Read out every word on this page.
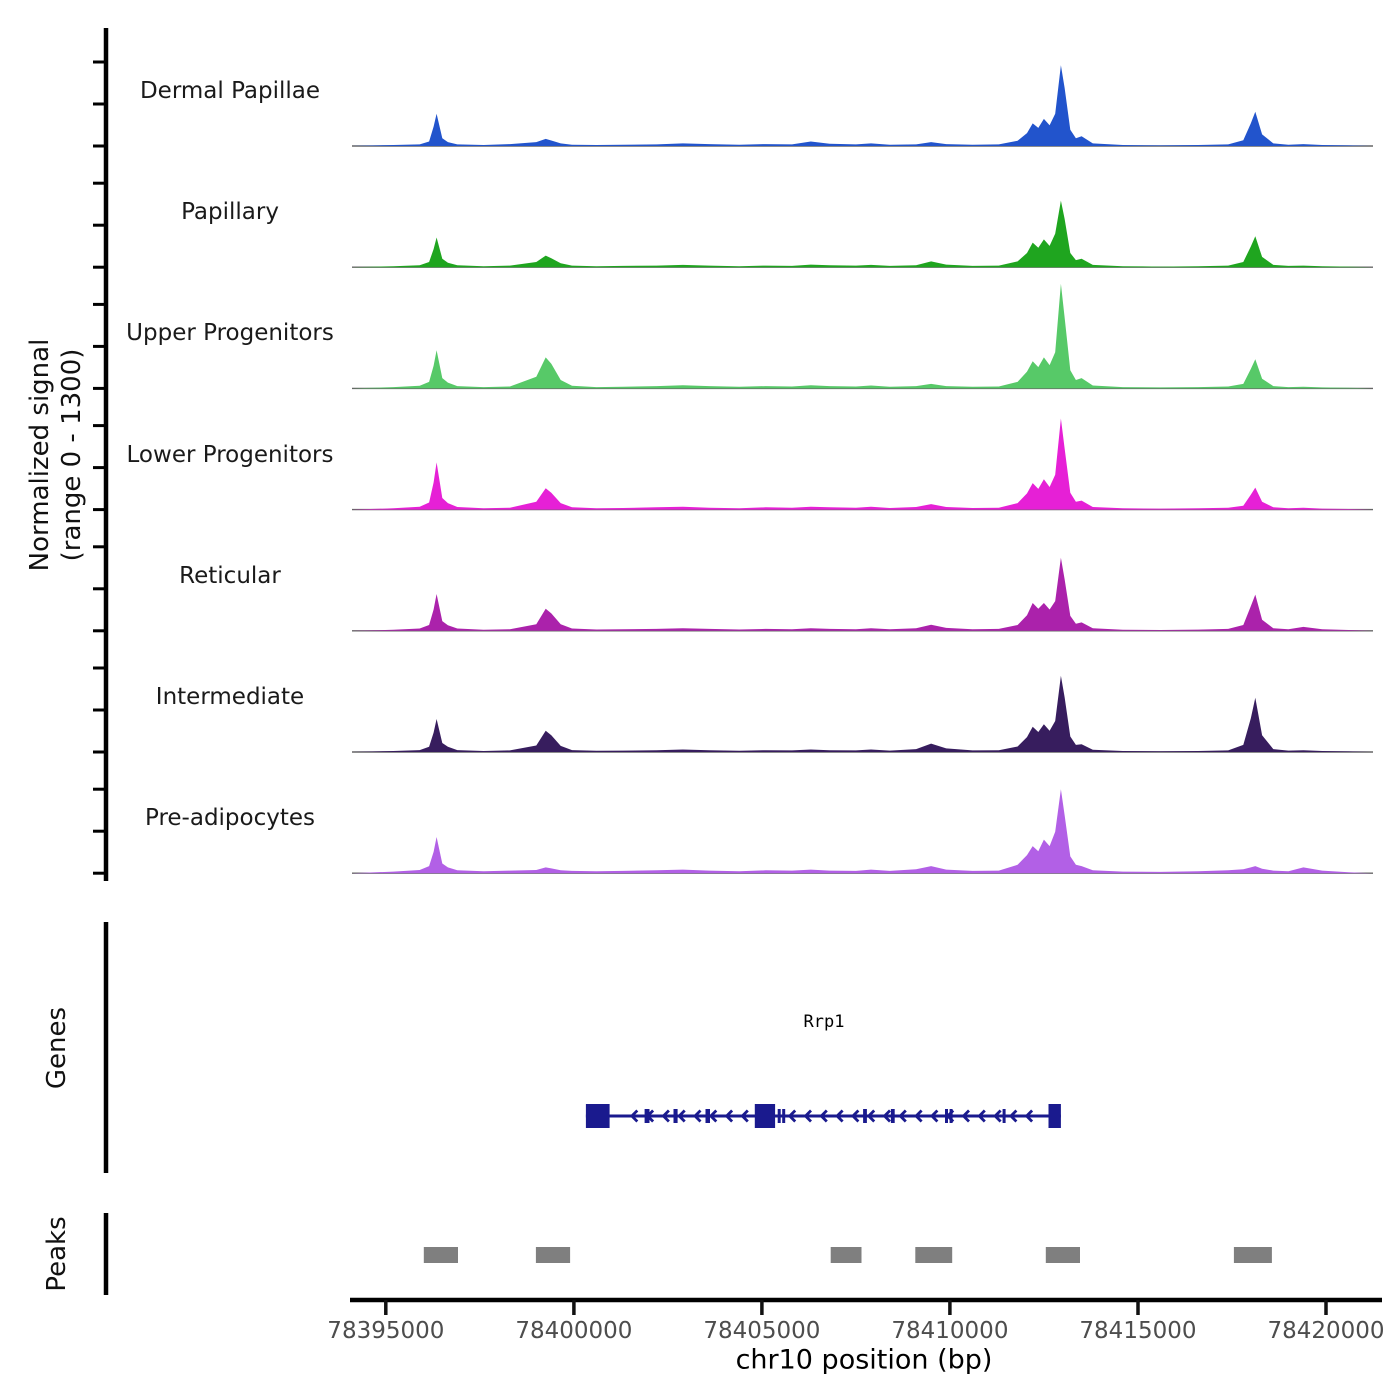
Dermal Papillae
Papillary
Upper Progenitors
Lower Progenitors
Reticular
Intermediate
Pre-adipocytes
78395000	78400000	78405000	78410000	78415000	78420000
Normalized signal (range 0 - 1300)
Genes
Peaks
Rrp1
chr10 position (bp)
